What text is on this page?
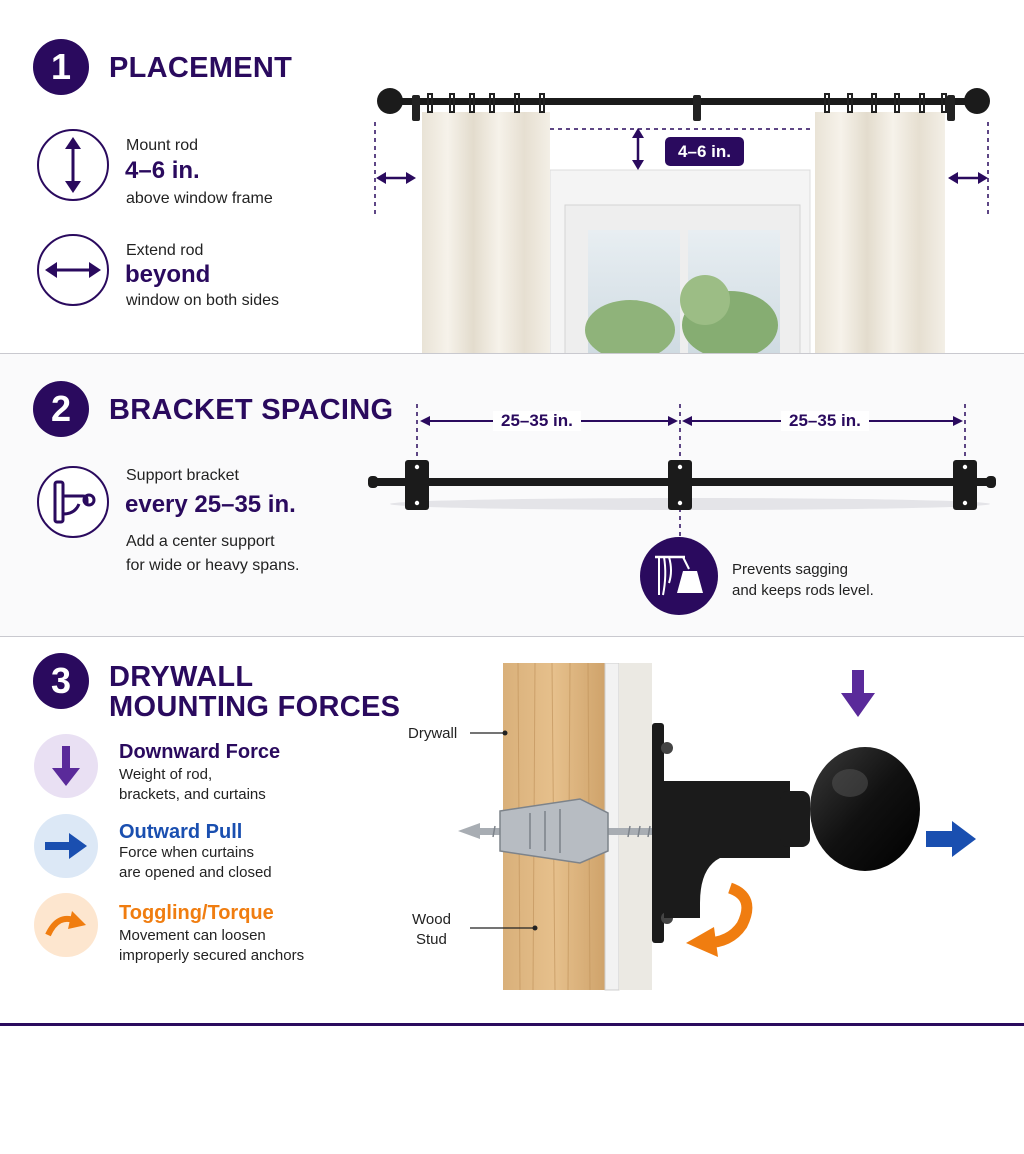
1 PLACEMENT
Mount rod
4–6 in.
above window frame
Extend rod
beyond
window on both sides
4–6 in.
2 BRACKET SPACING
Support bracket
every 25–35 in.
Add a center support
for wide or heavy spans.
25–35 in.	25–35 in.
Prevents sagging
and keeps rods level.
3 DRYWALL
MOUNTING FORCES
Downward Force
Weight of rod,
brackets, and curtains
Outward Pull
Force when curtains
are opened and closed
Toggling/Torque
Movement can loosen
improperly secured anchors
Drywall
Wood
Stud
